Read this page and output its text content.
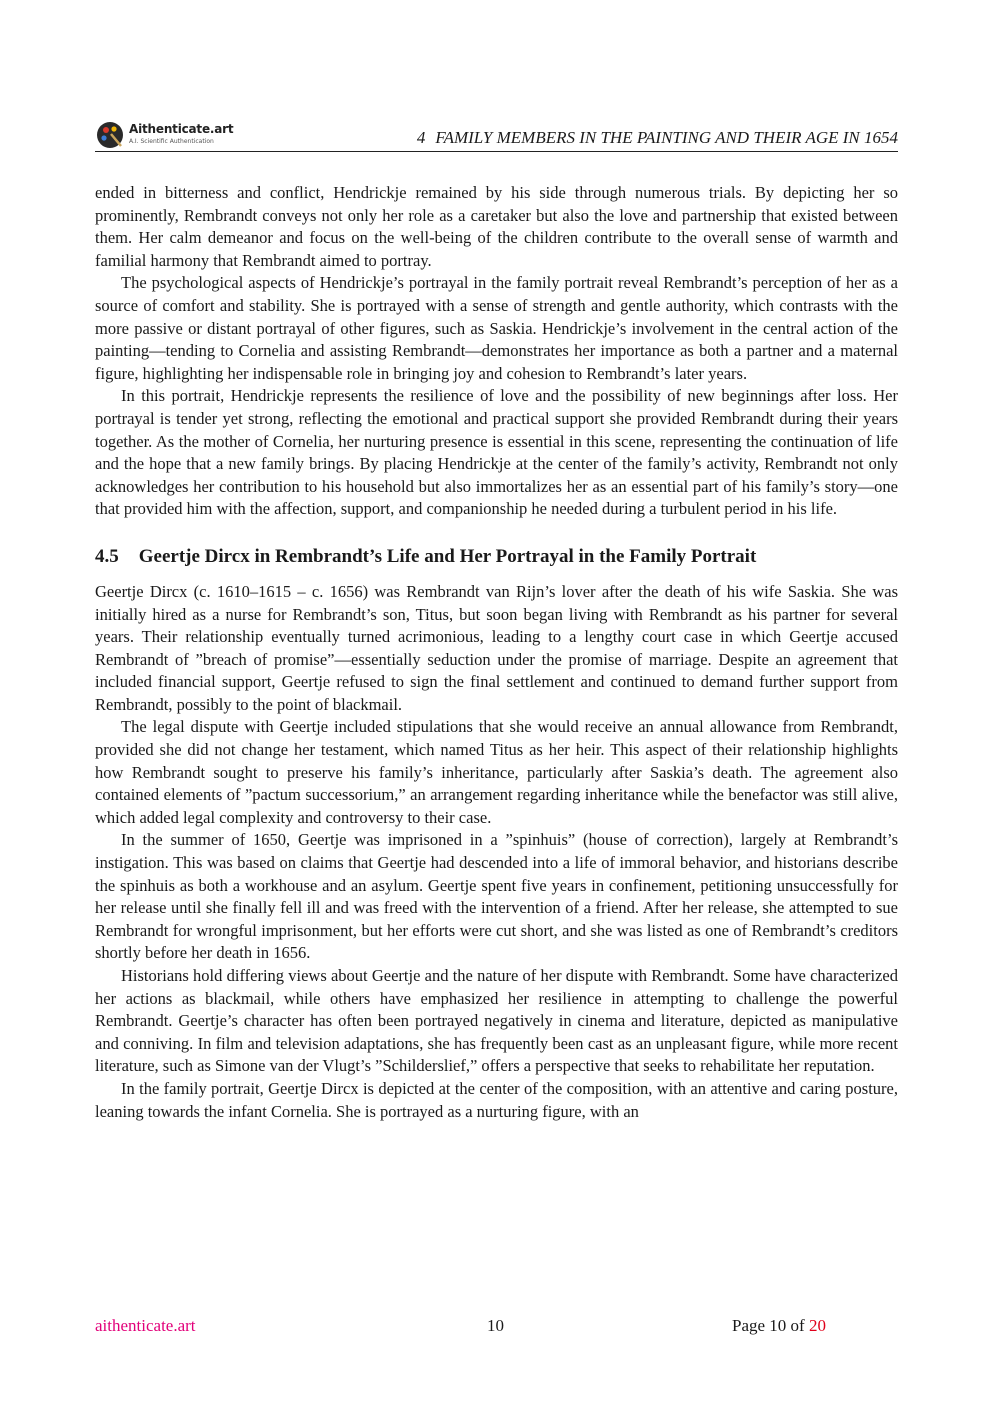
Aithenticate.art
A.I. Scientific Authentication	4 FAMILY MEMBERS IN THE PAINTING AND THEIR AGE IN 1654

ended in bitterness and conflict, Hendrickje remained by his side through numerous trials. By depicting her so prominently, Rembrandt conveys not only her role as a caretaker but also the love and partnership that existed between them. Her calm demeanor and focus on the well-being of the children contribute to the overall sense of warmth and familial harmony that Rembrandt aimed to portray.

The psychological aspects of Hendrickje’s portrayal in the family portrait reveal Rembrandt’s perception of her as a source of comfort and stability. She is portrayed with a sense of strength and gentle authority, which contrasts with the more passive or distant portrayal of other figures, such as Saskia. Hendrickje’s involvement in the central action of the painting—tending to Cornelia and assisting Rembrandt—demonstrates her importance as both a partner and a maternal figure, highlighting her indispensable role in bringing joy and cohesion to Rembrandt’s later years.

In this portrait, Hendrickje represents the resilience of love and the possibility of new beginnings after loss. Her portrayal is tender yet strong, reflecting the emotional and practical support she provided Rembrandt during their years together. As the mother of Cornelia, her nurturing presence is essential in this scene, representing the continuation of life and the hope that a new family brings. By placing Hendrickje at the center of the family’s activity, Rembrandt not only acknowledges her contribution to his household but also immortalizes her as an essential part of his family’s story—one that provided him with the affection, support, and companionship he needed during a turbulent period in his life.

4.5 Geertje Dircx in Rembrandt’s Life and Her Portrayal in the Family Portrait

Geertje Dircx (c. 1610–1615 – c. 1656) was Rembrandt van Rijn’s lover after the death of his wife Saskia. She was initially hired as a nurse for Rembrandt’s son, Titus, but soon began living with Rembrandt as his partner for several years. Their relationship eventually turned acrimonious, leading to a lengthy court case in which Geertje accused Rembrandt of ”breach of promise”—essentially seduction under the promise of marriage. Despite an agreement that included financial support, Geertje refused to sign the final settlement and continued to demand further support from Rembrandt, possibly to the point of blackmail.

The legal dispute with Geertje included stipulations that she would receive an annual allowance from Rembrandt, provided she did not change her testament, which named Titus as her heir. This aspect of their relationship highlights how Rembrandt sought to preserve his family’s inheritance, particularly after Saskia’s death. The agreement also contained elements of ”pactum successorium,” an arrangement regarding inheritance while the benefactor was still alive, which added legal complexity and controversy to their case.

In the summer of 1650, Geertje was imprisoned in a ”spinhuis” (house of correction), largely at Rembrandt’s instigation. This was based on claims that Geertje had descended into a life of immoral behavior, and historians describe the spinhuis as both a workhouse and an asylum. Geertje spent five years in confinement, petitioning unsuccessfully for her release until she finally fell ill and was freed with the intervention of a friend. After her release, she attempted to sue Rembrandt for wrongful imprisonment, but her efforts were cut short, and she was listed as one of Rembrandt’s creditors shortly before her death in 1656.

Historians hold differing views about Geertje and the nature of her dispute with Rembrandt. Some have characterized her actions as blackmail, while others have emphasized her resilience in attempting to challenge the powerful Rembrandt. Geertje’s character has often been portrayed negatively in cinema and literature, depicted as manipulative and conniving. In film and television adaptations, she has frequently been cast as an unpleasant figure, while more recent literature, such as Simone van der Vlugt’s ”Schilderslief,” offers a perspective that seeks to rehabilitate her reputation.

In the family portrait, Geertje Dircx is depicted at the center of the composition, with an attentive and caring posture, leaning towards the infant Cornelia. She is portrayed as a nurturing figure, with an

aithenticate.art	10	Page 10 of 20
